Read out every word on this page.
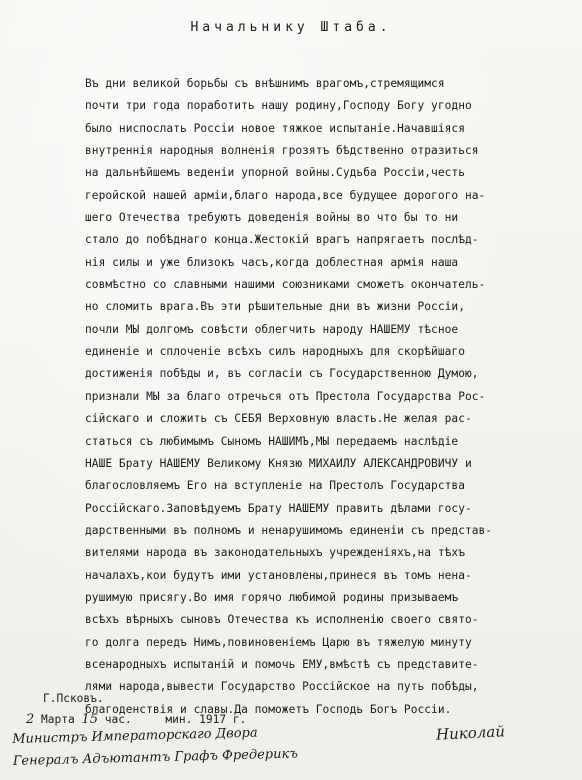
Начальнику Штаба.
Въ дни великой борьбы съ внѣшнимъ врагомъ,стремящимся
почти три года поработить нашу родину,Господу Богу угодно
было ниспослать Россіи новое тяжкое испытаніе.Начавшіяся
внутреннія народныя волненія грозятъ бѣдственно отразиться
на дальнѣйшемъ веденіи упорной войны.Судьба Россіи,честь
геройской нашей арміи,благо народа,все будущее дорогого на-
шего Отечества требуютъ доведенія войны во что бы то ни
стало до побѣднаго конца.Жестокій врагъ напрягаетъ послѣд-
нія силы и уже близокъ часъ,когда доблестная армія наша
совмѣстно со славными нашими союзниками сможетъ окончатель-
но сломить врага.Въ эти рѣшительные дни въ жизни Россіи,
почли МЫ долгомъ совѣсти облегчить народу НАШЕМУ тѣсное
единеніе и сплоченіе всѣхъ силъ народныхъ для скорѣйшаго
достиженія побѣды и, въ согласіи съ Государственною Думою,
признали МЫ за благо отречься отъ Престола Государства Рос-
сійскаго и сложить съ СЕБЯ Верховную власть.Не желая рас-
статься съ любимымъ Сыномъ НАШИМЪ,МЫ передаемъ наслѣдіе
НАШЕ Брату НАШЕМУ Великому Князю МИХАИЛУ АЛЕКСАНДРОВИЧУ и
благословляемъ Его на вступленіе на Престолъ Государства
Россійскаго.Заповѣдуемъ Брату НАШЕМУ править дѣлами госу-
дарственными въ полномъ и ненарушимомъ единеніи съ представ-
вителями народа въ законодательныхъ учрежденіяхъ,на тѣхъ
началахъ,кои будутъ ими установлены,принеся въ томъ нена-
рушимую присягу.Во имя горячо любимой родины призываемъ
всѣхъ вѣрныхъ сыновъ Отечества къ исполненію своего свято-
го долга передъ Нимъ,повиновеніемъ Царю въ тяжелую минуту
всенародныхъ испытаній и помочь ЕМУ,вмѣстѣ съ представите-
лями народа,вывести Государство Россійское на путь побѣды,
благоденствія и славы.Да поможетъ Господь Богъ Россіи.
Г.Псковъ.
2 Марта 15 час.	мин. 1917 г.
Николай
Министръ Императорскаго Двора
Генералъ Адъютантъ Графъ Фредерикъ
